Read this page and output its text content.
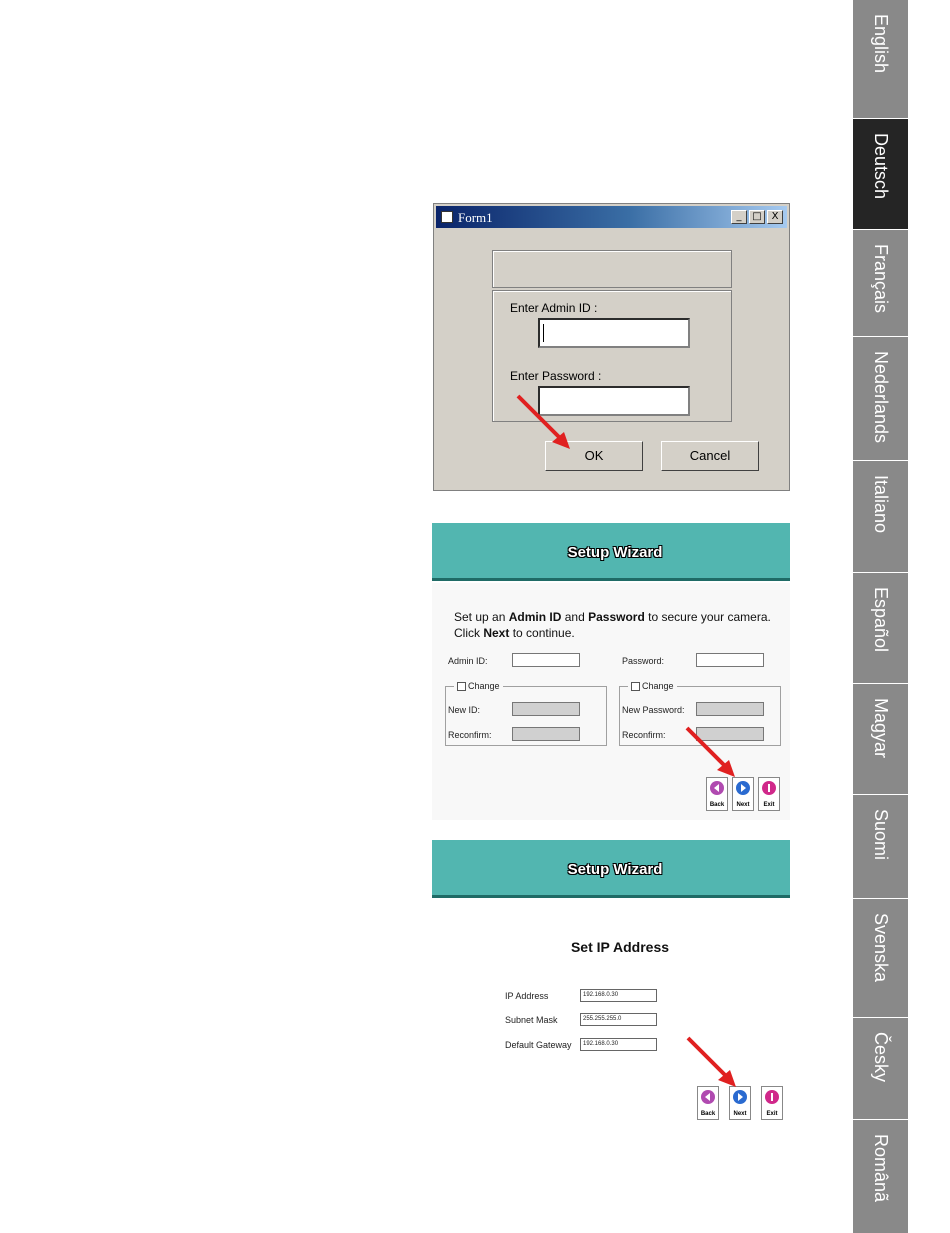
English
Deutsch
Français
Nederlands
Italiano
Español
Magyar
Suomi
Svenska
Česky
Românã
Form1	_	□ X
Enter Admin ID :
Enter Password :
OK	Cancel
Setup Wizard
Set up an Admin ID and Password to secure your camera.
Click Next to continue.
Admin ID:	Password:
Change
New ID:
Reconfirm:
Change
New Password:
Reconfirm:
Back	Next	Exit
Setup Wizard
Set IP Address
IP Address	192.168.0.30
Subnet Mask	255.255.255.0
Default Gateway	192.168.0.30
Back	Next	Exit
